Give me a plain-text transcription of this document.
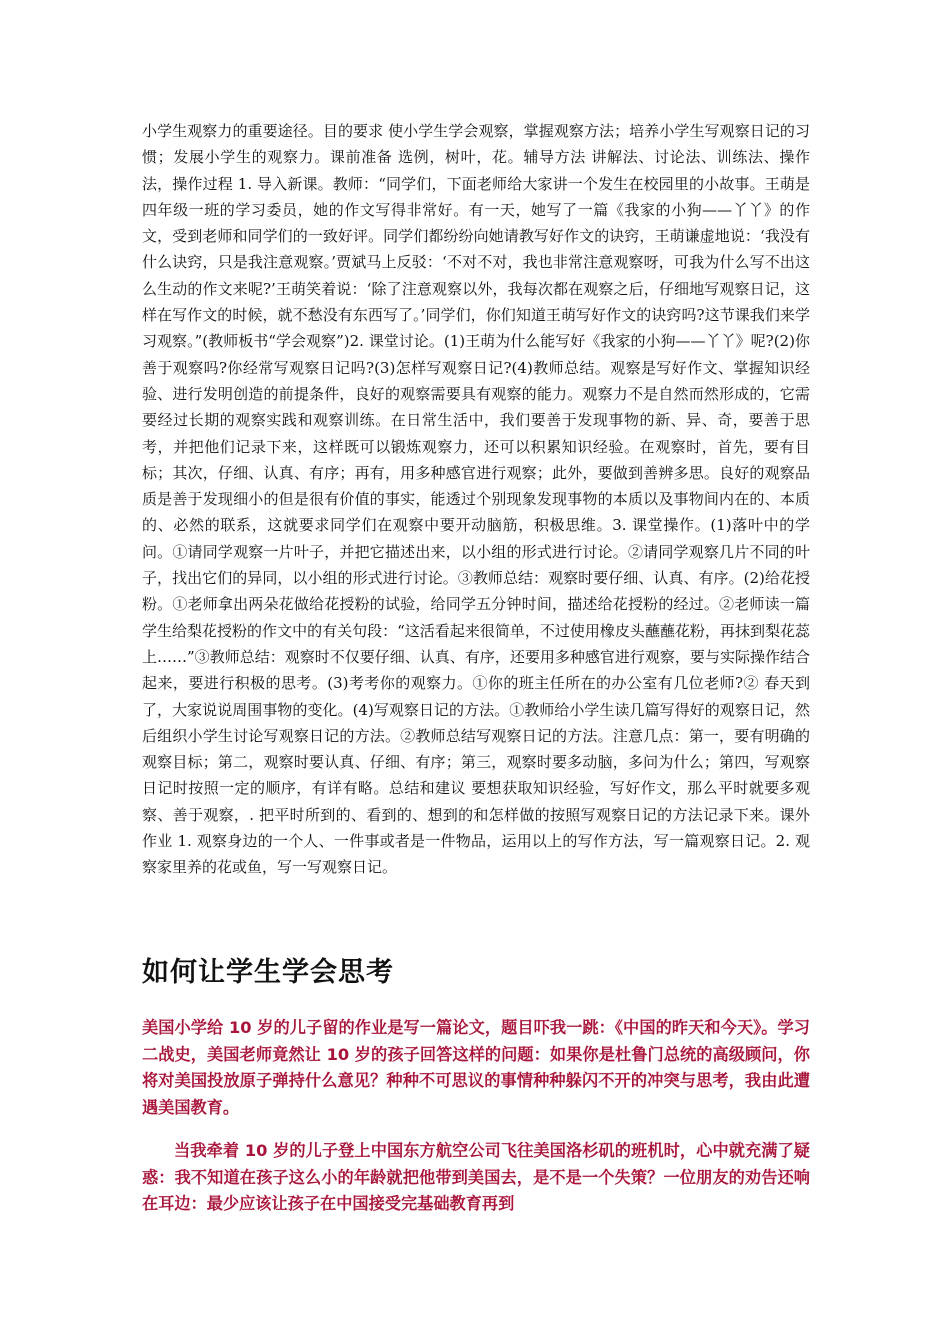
小学生观察力的重要途径。目的要求 使小学生学会观察，掌握观察方法；培养小学生写观察日记的习惯；发展小学生的观察力。课前准备 选例，树叶，花。辅导方法 讲解法、讨论法、训练法、操作法，操作过程 1. 导入新课。教师：“同学们，下面老师给大家讲一个发生在校园里的小故事。王萌是四年级一班的学习委员，她的作文写得非常好。有一天，她写了一篇《我家的小狗——丫丫》的作文，受到老师和同学们的一致好评。同学们都纷纷向她请教写好作文的诀窍，王萌谦虚地说：‘我没有什么诀窍，只是我注意观察。’贾斌马上反驳：‘不对不对，我也非常注意观察呀，可我为什么写不出这么生动的作文来呢?’王萌笑着说：‘除了注意观察以外，我每次都在观察之后，仔细地写观察日记，这样在写作文的时候，就不愁没有东西写了。’同学们，你们知道王萌写好作文的诀窍吗?这节课我们来学习观察。”(教师板书“学会观察”)2. 课堂讨论。(1)王萌为什么能写好《我家的小狗——丫丫》呢?(2)你善于观察吗?你经常写观察日记吗?(3)怎样写观察日记?(4)教师总结。观察是写好作文、掌握知识经验、进行发明创造的前提条件，良好的观察需要具有观察的能力。观察力不是自然而然形成的，它需要经过长期的观察实践和观察训练。在日常生活中，我们要善于发现事物的新、异、奇，要善于思考，并把他们记录下来，这样既可以锻炼观察力，还可以积累知识经验。在观察时，首先，要有目标；其次，仔细、认真、有序；再有，用多种感官进行观察；此外，要做到善辨多思。良好的观察品质是善于发现细小的但是很有价值的事实，能透过个别现象发现事物的本质以及事物间内在的、本质的、必然的联系，这就要求同学们在观察中要开动脑筋，积极思维。3. 课堂操作。(1)落叶中的学问。①请同学观察一片叶子，并把它描述出来，以小组的形式进行讨论。②请同学观察几片不同的叶子，找出它们的异同，以小组的形式进行讨论。③教师总结：观察时要仔细、认真、有序。(2)给花授粉。①老师拿出两朵花做给花授粉的试验，给同学五分钟时间，描述给花授粉的经过。②老师读一篇学生给梨花授粉的作文中的有关句段：“这活看起来很简单，不过使用橡皮头蘸蘸花粉，再抹到梨花蕊上……”③教师总结：观察时不仅要仔细、认真、有序，还要用多种感官进行观察，要与实际操作结合起来，要进行积极的思考。(3)考考你的观察力。①你的班主任所在的办公室有几位老师?② 春天到了，大家说说周围事物的变化。(4)写观察日记的方法。①教师给小学生读几篇写得好的观察日记，然后组织小学生讨论写观察日记的方法。②教师总结写观察日记的方法。注意几点：第一，要有明确的观察目标；第二，观察时要认真、仔细、有序；第三，观察时要多动脑，多问为什么；第四，写观察日记时按照一定的顺序，有详有略。总结和建议 要想获取知识经验，写好作文，那么平时就要多观察、善于观察，. 把平时所到的、看到的、想到的和怎样做的按照写观察日记的方法记录下来。课外作业 1. 观察身边的一个人、一件事或者是一件物品，运用以上的写作方法，写一篇观察日记。2. 观察家里养的花或鱼，写一写观察日记。

如何让学生学会思考

美国小学给 10 岁的儿子留的作业是写一篇论文，题目吓我一跳：《中国的昨天和今天》。学习二战史，美国老师竟然让 10 岁的孩子回答这样的问题：如果你是杜鲁门总统的高级顾问，你将对美国投放原子弹持什么意见？种种不可思议的事情种种躲闪不开的冲突与思考，我由此遭遇美国教育。

当我牵着 10 岁的儿子登上中国东方航空公司飞往美国洛杉矶的班机时，心中就充满了疑惑：我不知道在孩子这么小的年龄就把他带到美国去，是不是一个失策？一位朋友的劝告还响在耳边：最少应该让孩子在中国接受完基础教育再到
